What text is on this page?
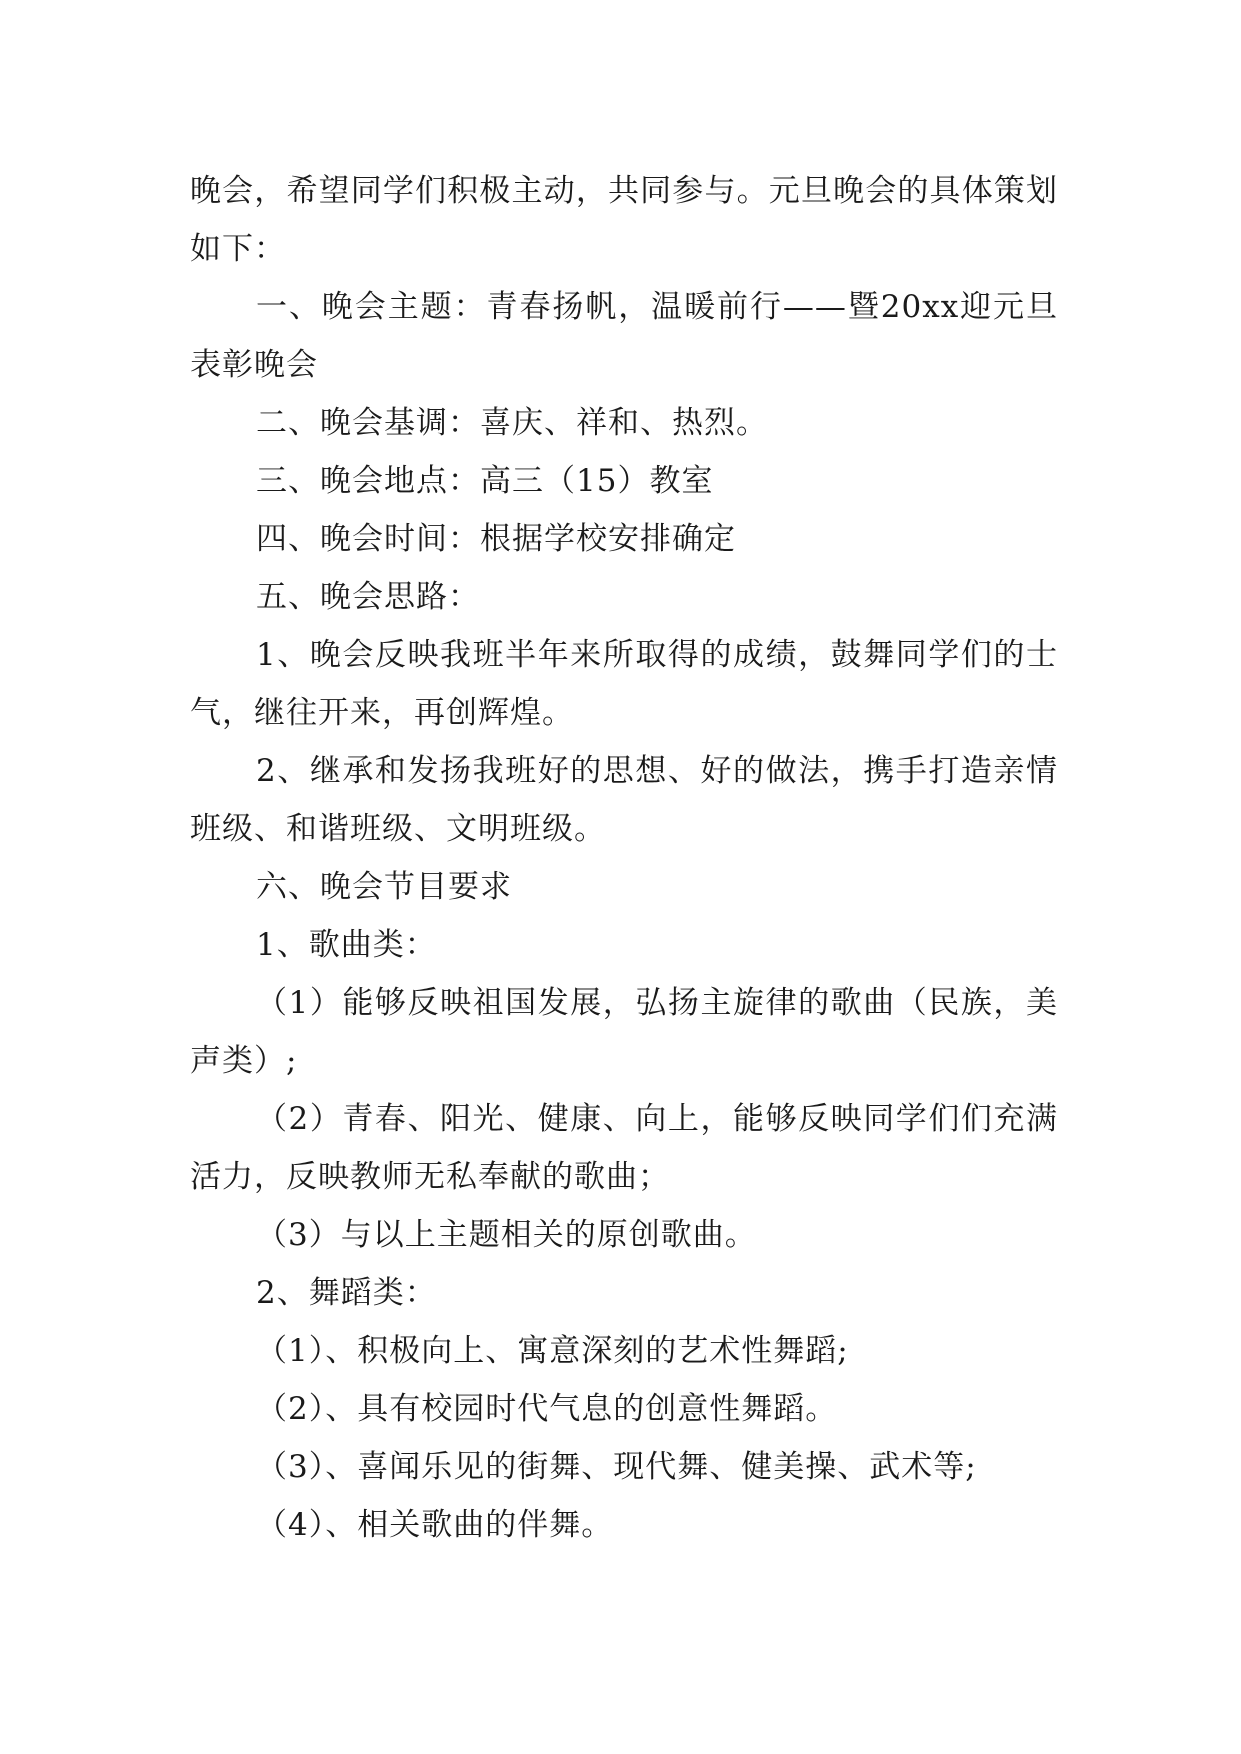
晚会，希望同学们积极主动，共同参与。元旦晚会的具体策划如下：

一、晚会主题：青春扬帆，温暖前行——暨20xx迎元旦表彰晚会

二、晚会基调：喜庆、祥和、热烈。

三、晚会地点：高三（15）教室

四、晚会时间：根据学校安排确定

五、晚会思路：

1、晚会反映我班半年来所取得的成绩，鼓舞同学们的士气，继往开来，再创辉煌。

2、继承和发扬我班好的思想、好的做法，携手打造亲情班级、和谐班级、文明班级。

六、晚会节目要求

1、歌曲类：

（1）能够反映祖国发展，弘扬主旋律的歌曲（民族，美声类）;

（2）青春、阳光、健康、向上，能够反映同学们们充满活力，反映教师无私奉献的歌曲；

（3）与以上主题相关的原创歌曲。

2、舞蹈类：

（1）、积极向上、寓意深刻的艺术性舞蹈;

（2）、具有校园时代气息的创意性舞蹈。

（3）、喜闻乐见的街舞、现代舞、健美操、武术等;

（4）、相关歌曲的伴舞。
